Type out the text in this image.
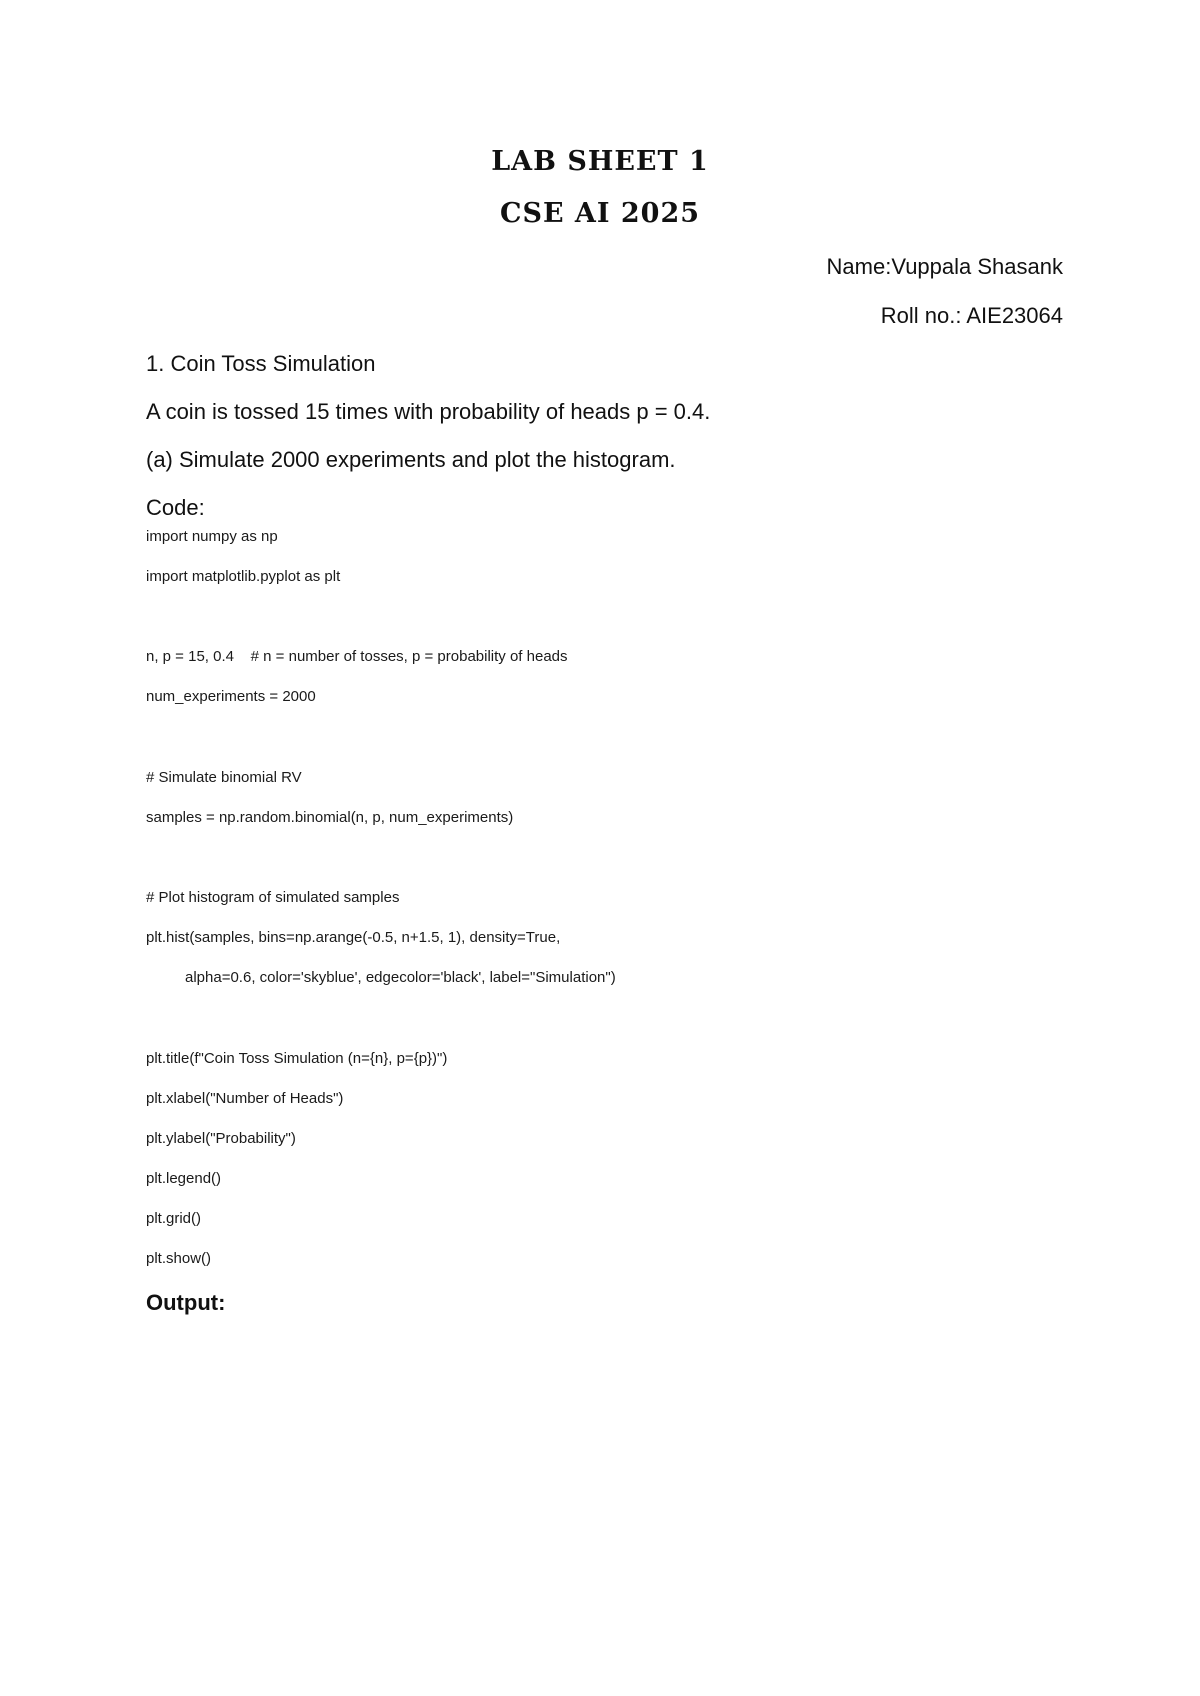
LAB SHEET 1
CSE AI 2025

Name:Vuppala Shasank

Roll no.: AIE23064

1. Coin Toss Simulation

A coin is tossed 15 times with probability of heads p = 0.4.

(a) Simulate 2000 experiments and plot the histogram.

Code:

import numpy as np

import matplotlib.pyplot as plt

n, p = 15, 0.4    # n = number of tosses, p = probability of heads

num_experiments = 2000

# Simulate binomial RV

samples = np.random.binomial(n, p, num_experiments)

# Plot histogram of simulated samples

plt.hist(samples, bins=np.arange(-0.5, n+1.5, 1), density=True,

alpha=0.6, color='skyblue', edgecolor='black', label="Simulation")

plt.title(f"Coin Toss Simulation (n={n}, p={p})")

plt.xlabel("Number of Heads")

plt.ylabel("Probability")

plt.legend()

plt.grid()

plt.show()

Output:
